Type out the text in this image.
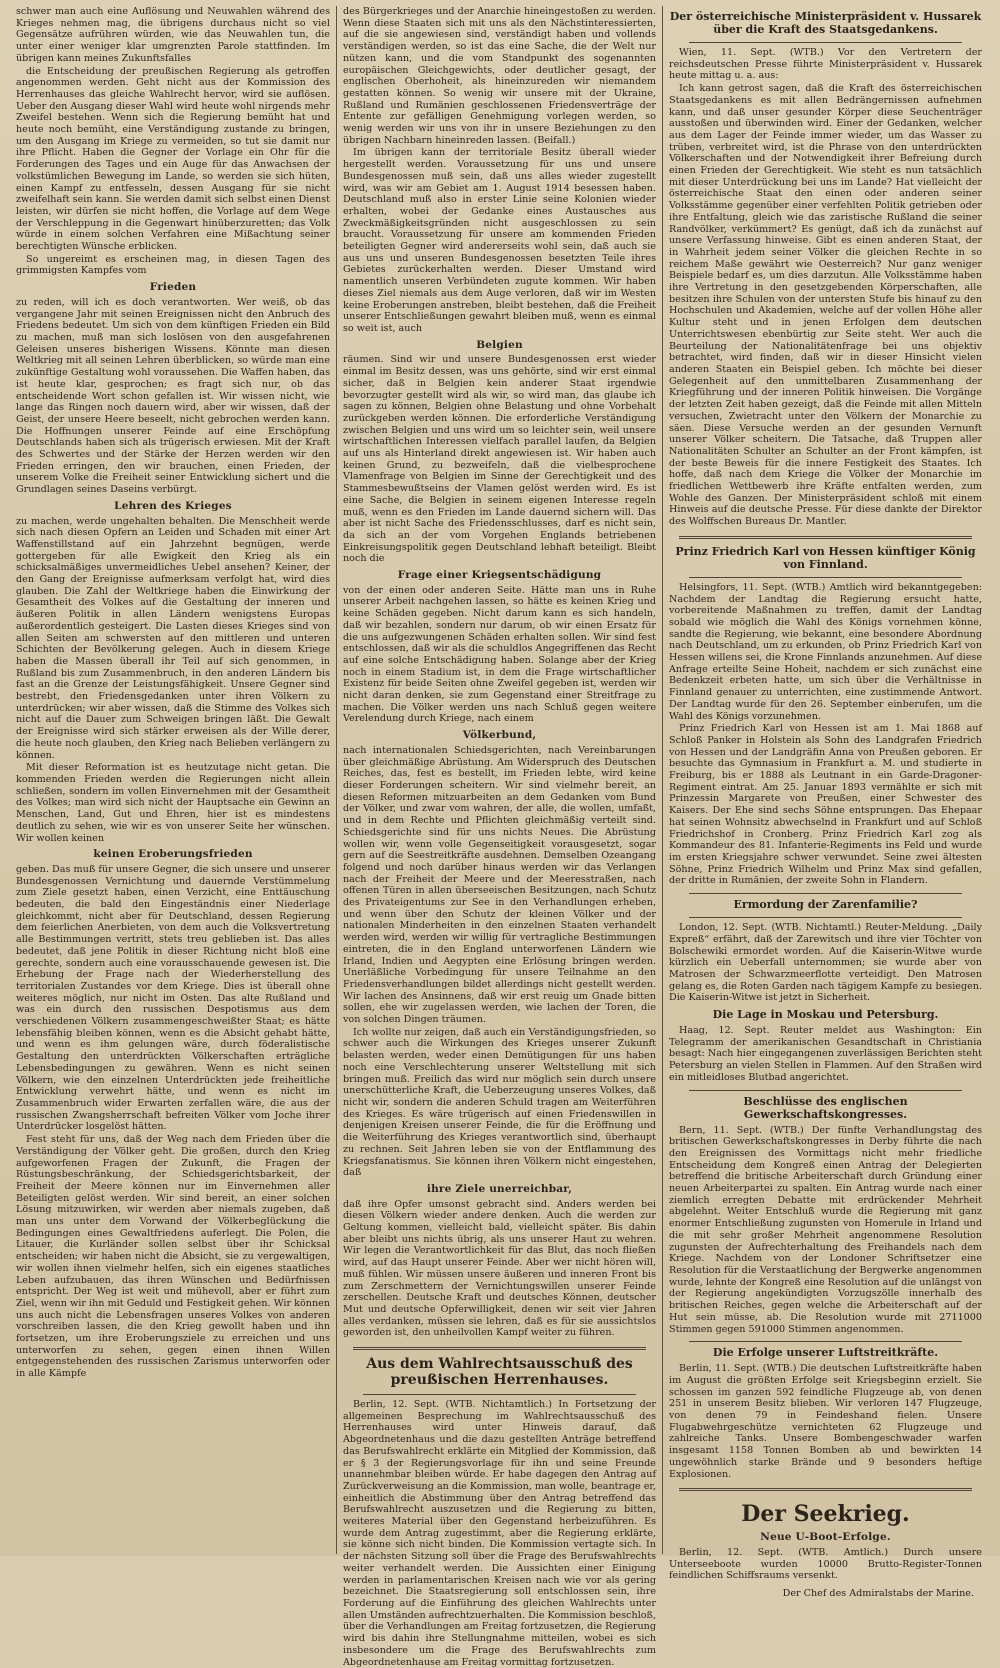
schwer man auch eine Auflösung und Neuwahlen während des Krieges nehmen mag, die übrigens durchaus nicht so viel Gegensätze aufrühren würden, wie das Neuwahlen tun, die unter einer weniger klar umgrenzten Parole stattfinden. Im übrigen kann meines Zukunftsfalles

die Entscheidung der preußischen Regierung als getroffen angenommen werden. Geht nicht aus der Kommission des Herrenhauses das gleiche Wahlrecht hervor, wird sie auflösen. Ueber den Ausgang dieser Wahl wird heute wohl nirgends mehr Zweifel bestehen. Wenn sich die Regierung bemüht hat und heute noch bemüht, eine Verständigung zustande zu bringen, um den Ausgang im Kriege zu vermeiden, so tut sie damit nur ihre Pflicht. Haben die Gegner der Vorlage ein Ohr für die Forderungen des Tages und ein Auge für das Anwachsen der volkstümlichen Bewegung im Lande, so werden sie sich hüten, einen Kampf zu entfesseln, dessen Ausgang für sie nicht zweifelhaft sein kann. Sie werden damit sich selbst einen Dienst leisten, wir dürfen sie nicht hoffen, die Vorlage auf dem Wege der Verschleppung in die Gegenwart hinüberzuretten; das Volk würde in einem solchen Verfahren eine Mißachtung seiner berechtigten Wünsche erblicken.

So ungereimt es erscheinen mag, in diesen Tagen des grimmigsten Kampfes vom

Frieden

zu reden, will ich es doch verantworten. Wer weiß, ob das vergangene Jahr mit seinen Ereignissen nicht den Anbruch des Friedens bedeutet. Um sich von dem künftigen Frieden ein Bild zu machen, muß man sich loslösen von den ausgefahrenen Geleisen unseres bisherigen Wissens. Könnte man diesen Weltkrieg mit all seinen Lehren überblicken, so würde man eine zukünftige Gestaltung wohl voraussehen. Die Waffen haben, das ist heute klar, gesprochen; es fragt sich nur, ob das entscheidende Wort schon gefallen ist. Wir wissen nicht, wie lange das Ringen noch dauern wird, aber wir wissen, daß der Geist, der unsere Heere beseelt, nicht gebrochen werden kann. Die Hoffnungen unserer Feinde auf eine Erschöpfung Deutschlands haben sich als trügerisch erwiesen. Mit der Kraft des Schwertes und der Stärke der Herzen werden wir den Frieden erringen, den wir brauchen, einen Frieden, der unserem Volke die Freiheit seiner Entwicklung sichert und die Grundlagen seines Daseins verbürgt.

Lehren des Krieges

zu machen, werde ungehalten behalten. Die Menschheit werde sich nach diesen Opfern an Leiden und Schaden mit einer Art Waffenstillstand auf ein Jahrzehnt begnügen, werde gottergeben für alle Ewigkeit den Krieg als ein schicksalmäßiges unvermeidliches Uebel ansehen? Keiner, der den Gang der Ereignisse aufmerksam verfolgt hat, wird dies glauben. Die Zahl der Weltkriege haben die Einwirkung der Gesamtheit des Volkes auf die Gestaltung der inneren und äußeren Politik in allen Ländern wenigstens Europas außerordentlich gesteigert. Die Lasten dieses Krieges sind von allen Seiten am schwersten auf den mittleren und unteren Schichten der Bevölkerung gelegen. Auch in diesem Kriege haben die Massen überall ihr Teil auf sich genommen, in Rußland bis zum Zusammenbruch, in den anderen Ländern bis fast an die Grenze der Leistungsfähigkeit. Unsere Gegner sind bestrebt, den Friedensgedanken unter ihren Völkern zu unterdrücken; wir aber wissen, daß die Stimme des Volkes sich nicht auf die Dauer zum Schweigen bringen läßt. Die Gewalt der Ereignisse wird sich stärker erweisen als der Wille derer, die heute noch glauben, den Krieg nach Belieben verlängern zu können.

Mit dieser Reformation ist es heutzutage nicht getan. Die kommenden Frieden werden die Regierungen nicht allein schließen, sondern im vollen Einvernehmen mit der Gesamtheit des Volkes; man wird sich nicht der Hauptsache ein Gewinn an Menschen, Land, Gut und Ehren, hier ist es mindestens deutlich zu sehen, wie wir es von unserer Seite her wünschen. Wir wollen keinen

keinen Eroberungsfrieden

geben. Das muß für unsere Gegner, die sich unsere und unserer Bundesgenossen Vernichtung und dauernde Verstümmelung zum Ziele gesetzt haben, einen Verzicht, eine Enttäuschung bedeuten, die bald den Eingeständnis einer Niederlage gleichkommt, nicht aber für Deutschland, dessen Regierung dem feierlichen Anerbieten, von dem auch die Volksvertretung alle Bestimmungen vertritt, stets treu geblieben ist. Das alles bedeutet, daß jene Politik in dieser Richtung nicht bloß eine gerechte, sondern auch eine vorausschauende gewesen ist. Die Erhebung der Frage nach der Wiederherstellung des territorialen Zustandes vor dem Kriege. Dies ist überall ohne weiteres möglich, nur nicht im Osten. Das alte Rußland und was ein durch den russischen Despotismus aus dem verschiedenen Völkern zusammengeschweißter Staat; es hätte lebensfähig bleiben können, wenn es die Absicht gehabt hätte, und wenn es ihm gelungen wäre, durch föderalistische Gestaltung den unterdrückten Völkerschaften erträgliche Lebensbedingungen zu gewähren. Wenn es nicht seinen Völkern, wie den einzelnen Unterdrückten jede freiheitliche Entwicklung verwehrt hätte, und wenn es nicht im Zusammenbruch wider Erwarten zerfallen wäre, die aus der russischen Zwangsherrschaft befreiten Völker vom Joche ihrer Unterdrücker losgelöst hätten.

Fest steht für uns, daß der Weg nach dem Frieden über die Verständigung der Völker geht. Die großen, durch den Krieg aufgeworfenen Fragen der Zukunft, die Fragen der Rüstungsbeschränkung, der Schiedsgerichtsbarkeit, der Freiheit der Meere können nur im Einvernehmen aller Beteiligten gelöst werden. Wir sind bereit, an einer solchen Lösung mitzuwirken, wir werden aber niemals zugeben, daß man uns unter dem Vorwand der Völkerbeglückung die Bedingungen eines Gewaltfriedens auferlegt. Die Polen, die Litauer, die Kurländer sollen selbst über ihr Schicksal entscheiden; wir haben nicht die Absicht, sie zu vergewaltigen, wir wollen ihnen vielmehr helfen, sich ein eigenes staatliches Leben aufzubauen, das ihren Wünschen und Bedürfnissen entspricht. Der Weg ist weit und mühevoll, aber er führt zum Ziel, wenn wir ihn mit Geduld und Festigkeit gehen. Wir können uns auch nicht die Lebensfragen unseres Volkes von anderen vorschreiben lassen, die den Krieg gewollt haben und ihn fortsetzen, um ihre Eroberungsziele zu erreichen und uns unterworfen zu sehen, gegen einen ihnen Willen entgegenstehenden des russischen Zarismus unterworfen oder in alle Kämpfe

des Bürgerkrieges und der Anarchie hineingestoßen zu werden. Wenn diese Staaten sich mit uns als den Nächstinteressierten, auf die sie angewiesen sind, verständigt haben und vollends verständigen werden, so ist das eine Sache, die der Welt nur nützen kann, und die vom Standpunkt des sogenannten europäischen Gleichgewichts, oder deutlicher gesagt, der englischen Oberhoheit, als hineinzureden wir niemandem gestatten können. So wenig wir unsere mit der Ukraine, Rußland und Rumänien geschlossenen Friedensverträge der Entente zur gefälligen Genehmigung vorlegen werden, so wenig werden wir uns von ihr in unsere Beziehungen zu den übrigen Nachbarn hineinreden lassen. (Beifall.)

Im übrigen kann der territoriale Besitz überall wieder hergestellt werden. Voraussetzung für uns und unsere Bundesgenossen muß sein, daß uns alles wieder zugestellt wird, was wir am Gebiet am 1. August 1914 besessen haben. Deutschland muß also in erster Linie seine Kolonien wieder erhalten, wobei der Gedanke eines Austausches aus Zweckmäßigkeitsgründen nicht ausgeschlossen zu sein braucht. Voraussetzung für unsere am kommenden Frieden beteiligten Gegner wird andererseits wohl sein, daß auch sie aus uns und unseren Bundesgenossen besetzten Teile ihres Gebietes zurückerhalten werden. Dieser Umstand wird namentlich unseren Verbündeten zugute kommen. Wir haben dieses Ziel niemals aus dem Auge verloren, daß wir im Westen keine Eroberungen anstreben, bleibt bestehen, daß die Freiheit unserer Entschließungen gewahrt bleiben muß, wenn es einmal so weit ist, auch

Belgien

räumen. Sind wir und unsere Bundesgenossen erst wieder einmal im Besitz dessen, was uns gehörte, sind wir erst einmal sicher, daß in Belgien kein anderer Staat irgendwie bevorzugter gestellt wird als wir, so wird man, das glaube ich sagen zu können, Belgien ohne Belastung und ohne Vorbehalt zurückgeben werden können. Die erforderliche Verständigung zwischen Belgien und uns wird um so leichter sein, weil unsere wirtschaftlichen Interessen vielfach parallel laufen, da Belgien auf uns als Hinterland direkt angewiesen ist. Wir haben auch keinen Grund, zu bezweifeln, daß die vielbesprochene Vlamenfrage von Belgien im Sinne der Gerechtigkeit und des Stammesbewußtseins der Vlamen gelöst werden wird. Es ist eine Sache, die Belgien in seinem eigenen Interesse regeln muß, wenn es den Frieden im Lande dauernd sichern will. Das aber ist nicht Sache des Friedensschlusses, darf es nicht sein, da sich an der vom Vorgehen Englands betriebenen Einkreisungspolitik gegen Deutschland lebhaft beteiligt. Bleibt noch die

Frage einer Kriegsentschädigung

von der einen oder anderen Seite. Hätte man uns in Ruhe unserer Arbeit nachgehen lassen, so hätte es keinen Krieg und keine Schäden gegeben. Nicht darum kann es sich handeln, daß wir bezahlen, sondern nur darum, ob wir einen Ersatz für die uns aufgezwungenen Schäden erhalten sollen. Wir sind fest entschlossen, daß wir als die schuldlos Angegriffenen das Recht auf eine solche Entschädigung haben. Solange aber der Krieg noch in einem Stadium ist, in dem die Frage wirtschaftlicher Existenz für beide Seiten ohne Zweifel gegeben ist, werden wir nicht daran denken, sie zum Gegenstand einer Streitfrage zu machen. Die Völker werden uns nach Schluß gegen weitere Verelendung durch Kriege, nach einem

Völkerbund,

nach internationalen Schiedsgerichten, nach Vereinbarungen über gleichmäßige Abrüstung. Am Widerspruch des Deutschen Reiches, das, fest es bestellt, im Frieden lebte, wird keine dieser Forderungen scheitern. Wir sind vielmehr bereit, an diesen Reformen mitzuarbeiten an dem Gedanken vom Bund der Völker, und zwar vom wahren, der alle, die wollen, umfaßt, und in dem Rechte und Pflichten gleichmäßig verteilt sind. Schiedsgerichte sind für uns nichts Neues. Die Abrüstung wollen wir, wenn volle Gegenseitigkeit vorausgesetzt, sogar gern auf die Seestreitkräfte ausdehnen. Demselben Ozeangang folgend und noch darüber hinaus werden wir das Verlangen nach der Freiheit der Meere und der Meeresstraßen, nach offenen Türen in allen überseeischen Besitzungen, nach Schutz des Privateigentums zur See in den Verhandlungen erheben, und wenn über den Schutz der kleinen Völker und der nationalen Minderheiten in den einzelnen Staaten verhandelt werden wird, werden wir willig für vertragliche Bestimmungen eintreten, die in den England unterworfenen Ländern wie Irland, Indien und Aegypten eine Erlösung bringen werden. Unerläßliche Vorbedingung für unsere Teilnahme an den Friedensverhandlungen bildet allerdings nicht gestellt werden. Wir lachen des Ansinnens, daß wir erst reuig um Gnade bitten sollen, ehe wir zugelassen werden, wie lachen der Toren, die von solchen Dingen träumen.

Ich wollte nur zeigen, daß auch ein Verständigungsfrieden, so schwer auch die Wirkungen des Krieges unserer Zukunft belasten werden, weder einen Demütigungen für uns haben noch eine Verschlechterung unserer Weltstellung mit sich bringen muß. Freilich das wird nur möglich sein durch unsere unerschütterliche Kraft, die Ueberzeugung unseres Volkes, daß nicht wir, sondern die anderen Schuld tragen am Weiterführen des Krieges. Es wäre trügerisch auf einen Friedenswillen in denjenigen Kreisen unserer Feinde, die für die Eröffnung und die Weiterführung des Krieges verantwortlich sind, überhaupt zu rechnen. Seit Jahren leben sie von der Entflammung des Kriegsfanatismus. Sie können ihren Völkern nicht eingestehen, daß

ihre Ziele unerreichbar,

daß ihre Opfer umsonst gebracht sind. Anders werden bei diesen Völkern wieder andere denken. Auch die werden zur Geltung kommen, vielleicht bald, vielleicht später. Bis dahin aber bleibt uns nichts übrig, als uns unserer Haut zu wehren. Wir legen die Verantwortlichkeit für das Blut, das noch fließen wird, auf das Haupt unserer Feinde. Aber wer nicht hören will, muß fühlen. Wir müssen unsere äußeren und inneren Front bis zum Zerschmettern der Vernichtungswillen unserer Feinde zerschellen. Deutsche Kraft und deutsches Können, deutscher Mut und deutsche Opferwilligkeit, denen wir seit vier Jahren alles verdanken, müssen sie lehren, daß es für sie aussichtslos geworden ist, den unheilvollen Kampf weiter zu führen.

Aus dem Wahlrechtsausschuß des preußischen Herrenhauses.

Berlin, 12. Sept. (WTB. Nichtamtlich.) In Fortsetzung der allgemeinen Besprechung im Wahlrechtsausschuß des Herrenhauses wird unter Hinweis darauf, daß Abgeordnetenhaus und die dazu gestellten Anträge betreffend das Berufswahlrecht erklärte ein Mitglied der Kommission, daß er § 3 der Regierungsvorlage für ihn und seine Freunde unannehmbar bleiben würde. Er habe dagegen den Antrag auf Zurückverweisung an die Kommission, man wolle, beantrage er, einheitlich die Abstimmung über den Antrag betreffend das Berufswahlrecht auszusetzen und die Regierung zu bitten, weiteres Material über den Gegenstand herbeizuführen. Es wurde dem Antrag zugestimmt, aber die Regierung erklärte, sie könne sich nicht binden. Die Kommission vertagte sich. In der nächsten Sitzung soll über die Frage des Berufswahlrechts weiter verhandelt werden. Die Aussichten einer Einigung werden in parlamentarischen Kreisen nach wie vor als gering bezeichnet. Die Staatsregierung soll entschlossen sein, ihre Forderung auf die Einführung des gleichen Wahlrechts unter allen Umständen aufrechtzuerhalten. Die Kommission beschloß, über die Verhandlungen am Freitag fortzusetzen, die Regierung wird bis dahin ihre Stellungnahme mitteilen, wobei es sich insbesondere um die Frage des Berufswahlrechts zum Abgeordnetenhause am Freitag vormittag fortzusetzen.

Der österreichische Ministerpräsident v. Hussarek über die Kraft des Staatsgedankens.

Wien, 11. Sept. (WTB.) Vor den Vertretern der reichsdeutschen Presse führte Ministerpräsident v. Hussarek heute mittag u. a. aus:

Ich kann getrost sagen, daß die Kraft des österreichischen Staatsgedankens es mit allen Bedrängernissen aufnehmen kann, und daß unser gesunder Körper diese Seuchenträger ausstoßen und überwinden wird. Einer der Gedanken, welcher aus dem Lager der Feinde immer wieder, um das Wasser zu trüben, verbreitet wird, ist die Phrase von den unterdrückten Völkerschaften und der Notwendigkeit ihrer Befreiung durch einen Frieden der Gerechtigkeit. Wie steht es nun tatsächlich mit dieser Unterdrückung bei uns im Lande? Hat vielleicht der österreichische Staat den einen oder anderen seiner Volksstämme gegenüber einer verfehlten Politik getrieben oder ihre Entfaltung, gleich wie das zaristische Rußland die seiner Randvölker, verkümmert? Es genügt, daß ich da zunächst auf unsere Verfassung hinweise. Gibt es einen anderen Staat, der in Wahrheit jedem seiner Völker die gleichen Rechte in so reichem Maße gewährt wie Oesterreich? Nur ganz weniger Beispiele bedarf es, um dies darzutun. Alle Volksstämme haben ihre Vertretung in den gesetzgebenden Körperschaften, alle besitzen ihre Schulen von der untersten Stufe bis hinauf zu den Hochschulen und Akademien, welche auf der vollen Höhe aller Kultur steht und in jenen Erfolgen dem deutschen Unterrichtswesen ebenbürtig zur Seite steht. Wer auch die Beurteilung der Nationalitätenfrage bei uns objektiv betrachtet, wird finden, daß wir in dieser Hinsicht vielen anderen Staaten ein Beispiel geben. Ich möchte bei dieser Gelegenheit auf den unmittelbaren Zusammenhang der Kriegführung und der inneren Politik hinweisen. Die Vorgänge der letzten Zeit haben gezeigt, daß die Feinde mit allen Mitteln versuchen, Zwietracht unter den Völkern der Monarchie zu säen. Diese Versuche werden an der gesunden Vernunft unserer Völker scheitern. Die Tatsache, daß Truppen aller Nationalitäten Schulter an Schulter an der Front kämpfen, ist der beste Beweis für die innere Festigkeit des Staates. Ich hoffe, daß nach dem Kriege die Völker der Monarchie im friedlichen Wettbewerb ihre Kräfte entfalten werden, zum Wohle des Ganzen. Der Ministerpräsident schloß mit einem Hinweis auf die deutsche Presse. Für diese dankte der Direktor des Wolffschen Bureaus Dr. Mantler.

Prinz Friedrich Karl von Hessen künftiger König von Finnland.

Helsingfors, 11. Sept. (WTB.) Amtlich wird bekanntgegeben: Nachdem der Landtag die Regierung ersucht hatte, vorbereitende Maßnahmen zu treffen, damit der Landtag sobald wie möglich die Wahl des Königs vornehmen könne, sandte die Regierung, wie bekannt, eine besondere Abordnung nach Deutschland, um zu erkunden, ob Prinz Friedrich Karl von Hessen willens sei, die Krone Finnlands anzunehmen. Auf diese Anfrage erteilte Seine Hoheit, nachdem er sich zunächst eine Bedenkzeit erbeten hatte, um sich über die Verhältnisse in Finnland genauer zu unterrichten, eine zustimmende Antwort. Der Landtag wurde für den 26. September einberufen, um die Wahl des Königs vorzunehmen.

Prinz Friedrich Karl von Hessen ist am 1. Mai 1868 auf Schloß Panker in Holstein als Sohn des Landgrafen Friedrich von Hessen und der Landgräfin Anna von Preußen geboren. Er besuchte das Gymnasium in Frankfurt a. M. und studierte in Freiburg, bis er 1888 als Leutnant in ein Garde-Dragoner-Regiment eintrat. Am 25. Januar 1893 vermählte er sich mit Prinzessin Margarete von Preußen, einer Schwester des Kaisers. Der Ehe sind sechs Söhne entsprungen. Das Ehepaar hat seinen Wohnsitz abwechselnd in Frankfurt und auf Schloß Friedrichshof in Cronberg. Prinz Friedrich Karl zog als Kommandeur des 81. Infanterie-Regiments ins Feld und wurde im ersten Kriegsjahre schwer verwundet. Seine zwei ältesten Söhne, Prinz Friedrich Wilhelm und Prinz Max sind gefallen, der dritte in Rumänien, der zweite Sohn in Flandern.

Ermordung der Zarenfamilie?

London, 12. Sept. (WTB. Nichtamtl.) Reuter-Meldung. „Daily Expreß“ erfährt, daß der Zarewitsch und ihre vier Töchter von Bolschewiki ermordet worden. Auf die Kaiserin-Witwe wurde kürzlich ein Ueberfall unternommen; sie wurde aber von Matrosen der Schwarzmeerflotte verteidigt. Den Matrosen gelang es, die Roten Garden nach tägigem Kampfe zu besiegen. Die Kaiserin-Witwe ist jetzt in Sicherheit.

Die Lage in Moskau und Petersburg.

Haag, 12. Sept. Reuter meldet aus Washington: Ein Telegramm der amerikanischen Gesandtschaft in Christiania besagt: Nach hier eingegangenen zuverlässigen Berichten steht Petersburg an vielen Stellen in Flammen. Auf den Straßen wird ein mitleidloses Blutbad angerichtet.

Beschlüsse des englischen Gewerkschaftskongresses.

Bern, 11. Sept. (WTB.) Der fünfte Verhandlungstag des britischen Gewerkschaftskongresses in Derby führte die nach den Ereignissen des Vormittags nicht mehr friedliche Entscheidung dem Kongreß einen Antrag der Delegierten betreffend die britische Arbeiterschaft durch Gründung einer neuen Arbeiterpartei zu spalten. Ein Antrag wurde nach einer ziemlich erregten Debatte mit erdrückender Mehrheit abgelehnt. Weiter Entschluß wurde die Regierung mit ganz enormer Entschließung zugunsten von Homerule in Irland und die mit sehr großer Mehrheit angenommene Resolution zugunsten der Aufrechterhaltung des Freihandels nach dem Kriege. Nachdem von der Londoner Schriftsetzer eine Resolution für die Verstaatlichung der Bergwerke angenommen wurde, lehnte der Kongreß eine Resolution auf die unlängst von der Regierung angekündigten Vorzugszölle innerhalb des britischen Reiches, gegen welche die Arbeiterschaft auf der Hut sein müsse, ab. Die Resolution wurde mit 2711000 Stimmen gegen 591000 Stimmen angenommen.

Die Erfolge unserer Luftstreitkräfte.

Berlin, 11. Sept. (WTB.) Die deutschen Luftstreitkräfte haben im August die größten Erfolge seit Kriegsbeginn erzielt. Sie schossen im ganzen 592 feindliche Flugzeuge ab, von denen 251 in unserem Besitz blieben. Wir verloren 147 Flugzeuge, von denen 79 in Feindeshand fielen. Unsere Flugabwehrgeschütze vernichteten 62 Flugzeuge und zahlreiche Tanks. Unsere Bombengeschwader warfen insgesamt 1158 Tonnen Bomben ab und bewirkten 14 ungewöhnlich starke Brände und 9 besonders heftige Explosionen.

Der Seekrieg.
Neue U-Boot-Erfolge.

Berlin, 12. Sept. (WTB. Amtlich.) Durch unsere Unterseeboote wurden 10000 Brutto-Register-Tonnen feindlichen Schiffsraums versenkt.

Der Chef des Admiralstabs der Marine.
